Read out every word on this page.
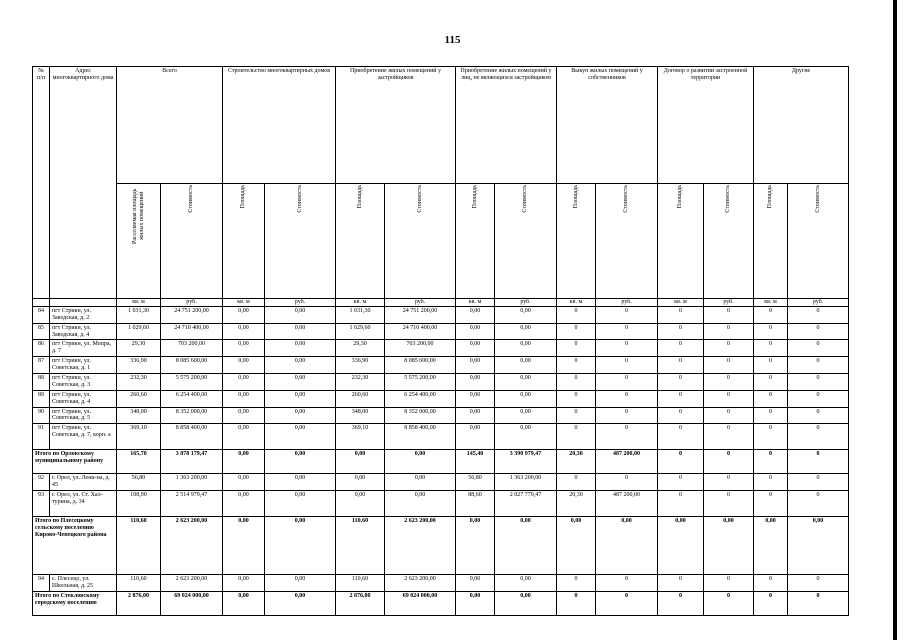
115
№ п/п	Адрес многоквартирного дома	Всего		Строительство многоквартирных домов		Приобретение жилых помещений у застройщиков		Приобретение жилых помещений у лиц, не являющихся застройщиком		Выкуп жилых помещений у собственников		Договор о развитии застроенной территории		Другие	

		Расселяемая площадь жилых помещений	Стоимость	Площадь	Стоимость	Площадь	Стоимость	Площадь	Стоимость	Площадь	Стоимость	Площадь	Стоимость	Площадь	Стоимость

		кв. м	руб.	кв. м	руб.	кв. м	руб.	кв. м	руб.	кв. м	руб.	кв. м	руб.	кв. м	руб.
84	пгт Стрикн, ул. Заводская, д. 2	1 031,30	24 751 200,00	0,00	0,00	1 031,30	24 751 200,00	0,00	0,00	0	0	0	0	0	0
85	пгт Стрикн, ул. Заводская, д. 4	1 029,60	24 710 400,00	0,00	0,00	1 029,60	24 710 400,00	0,00	0,00	0	0	0	0	0	0
86	пгт Стрикн, ул. Мопра, д. 7	29,30	703 200,00	0,00	0,00	29,30	703 200,00	0,00	0,00	0	0	0	0	0	0
87	пгт Стрикн, ул. Советская, д. 1	336,90	8 085 600,00	0,00	0,00	336,90	8 085 600,00	0,00	0,00	0	0	0	0	0	0
88	пгт Стрикн, ул. Советская, д. 3	232,30	5 575 200,00	0,00	0,00	232,30	5 575 200,00	0,00	0,00	0	0	0	0	0	0
89	пгт Стрикн, ул. Советская, д. 4	260,60	6 254 400,00	0,00	0,00	260,60	6 254 400,00	0,00	0,00	0	0	0	0	0	0
90	пгт Стрикн, ул. Советская, д. 5	348,00	8 352 000,00	0,00	0,00	348,00	8 352 000,00	0,00	0,00	0	0	0	0	0	0
91	пгт Стрикн, ул. Советская, д. 7, корп. а	369,10	8 858 400,00	0,00	0,00	369,10	8 858 400,00	0,00	0,00	0	0	0	0	0	0
Итого по Орловскому муниципальному району		165,70	3 878 179,47	0,00	0,00	0,00	0,00	145,40	3 390 979,47	20,30	487 200,00	0	0	0	0
92	г. Орел, ул. Лени-на, д. 45	56,80	1 363 200,00	0,00	0,00	0,00	0,00	56,80	1 363 200,00	0	0	0	0	0	0
93	г. Орел, ул. Ст. Хал-турина, д. 34	108,90	2 514 979,47	0,00	0,00	0,00	0,00	88,60	2 027 779,47	20,30	487 200,00	0	0	0	0
Итого по Плесецкому сельскому поселению Кирово-Чепецкого района		110,60	2 623 200,00	0,00	0,00	110,60	2 623 200,00	0,00	0,00	0,00	0,00	0,00	0,00	0,00	0,00
94	с. Плесецо, ул. Школьная, д. 25	110,60	2 623 200,00	0,00	0,00	110,60	2 623 200,00	0,00	0,00	0	0	0	0	0	0
Итого по Стекловскому городскому поселению		2 876,00	69 024 000,00	0,00	0,00	2 876,00	69 024 000,00	0,00	0,00	0	0	0	0	0	0
